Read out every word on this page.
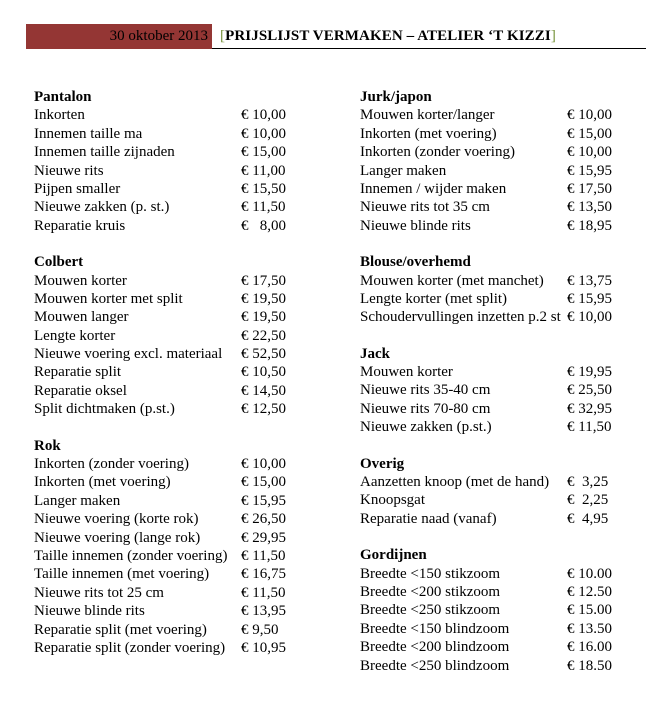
30 oktober 2013 [PRIJSLIJST VERMAKEN – ATELIER ‘T KIZZI]
Pantalon
Inkorten	€ 10,00
Innemen taille ma	€ 10,00
Innemen taille zijnaden	€ 15,00
Nieuwe rits	€ 11,00
Pijpen smaller	€ 15,50
Nieuwe zakken (p. st.)	€ 11,50
Reparatie kruis	€   8,00
Colbert
Mouwen korter	€ 17,50
Mouwen korter met split	€ 19,50
Mouwen langer	€ 19,50
Lengte korter	€ 22,50
Nieuwe voering excl. materiaal € 52,50
Reparatie split	€ 10,50
Reparatie oksel	€ 14,50
Split dichtmaken (p.st.)	€ 12,50
Rok
Inkorten (zonder voering)	€ 10,00
Inkorten (met voering)	€ 15,00
Langer maken	€ 15,95
Nieuwe voering (korte rok)	€ 26,50
Nieuwe voering (lange rok)	€ 29,95
Taille innemen (zonder voering) € 11,50
Taille innemen (met voering) € 16,75
Nieuwe rits tot 25 cm	€ 11,50
Nieuwe blinde rits	€ 13,95
Reparatie split (met voering) € 9,50
Reparatie split (zonder voering) € 10,95
Jurk/japon
Mouwen korter/langer	€ 10,00
Inkorten (met voering)	€ 15,00
Inkorten (zonder voering)	€ 10,00
Langer maken	€ 15,95
Innemen / wijder maken	€ 17,50
Nieuwe rits tot 35 cm	€ 13,50
Nieuwe blinde rits	€ 18,95
Blouse/overhemd
Mouwen korter (met manchet) € 13,75
Lengte korter (met split)	€ 15,95
Schoudervullingen inzetten p.2 st € 10,00
Jack
Mouwen korter	€ 19,95
Nieuwe rits 35-40 cm	€ 25,50
Nieuwe rits 70-80 cm	€ 32,95
Nieuwe zakken (p.st.)	€ 11,50
Overig
Aanzetten knoop (met de hand) €  3,25
Knoopsgat	€  2,25
Reparatie naad (vanaf)	€  4,95
Gordijnen
Breedte <150 stikzoom	€ 10.00
Breedte <200 stikzoom	€ 12.50
Breedte <250 stikzoom	€ 15.00
Breedte <150 blindzoom	€ 13.50
Breedte <200 blindzoom	€ 16.00
Breedte <250 blindzoom	€ 18.50
